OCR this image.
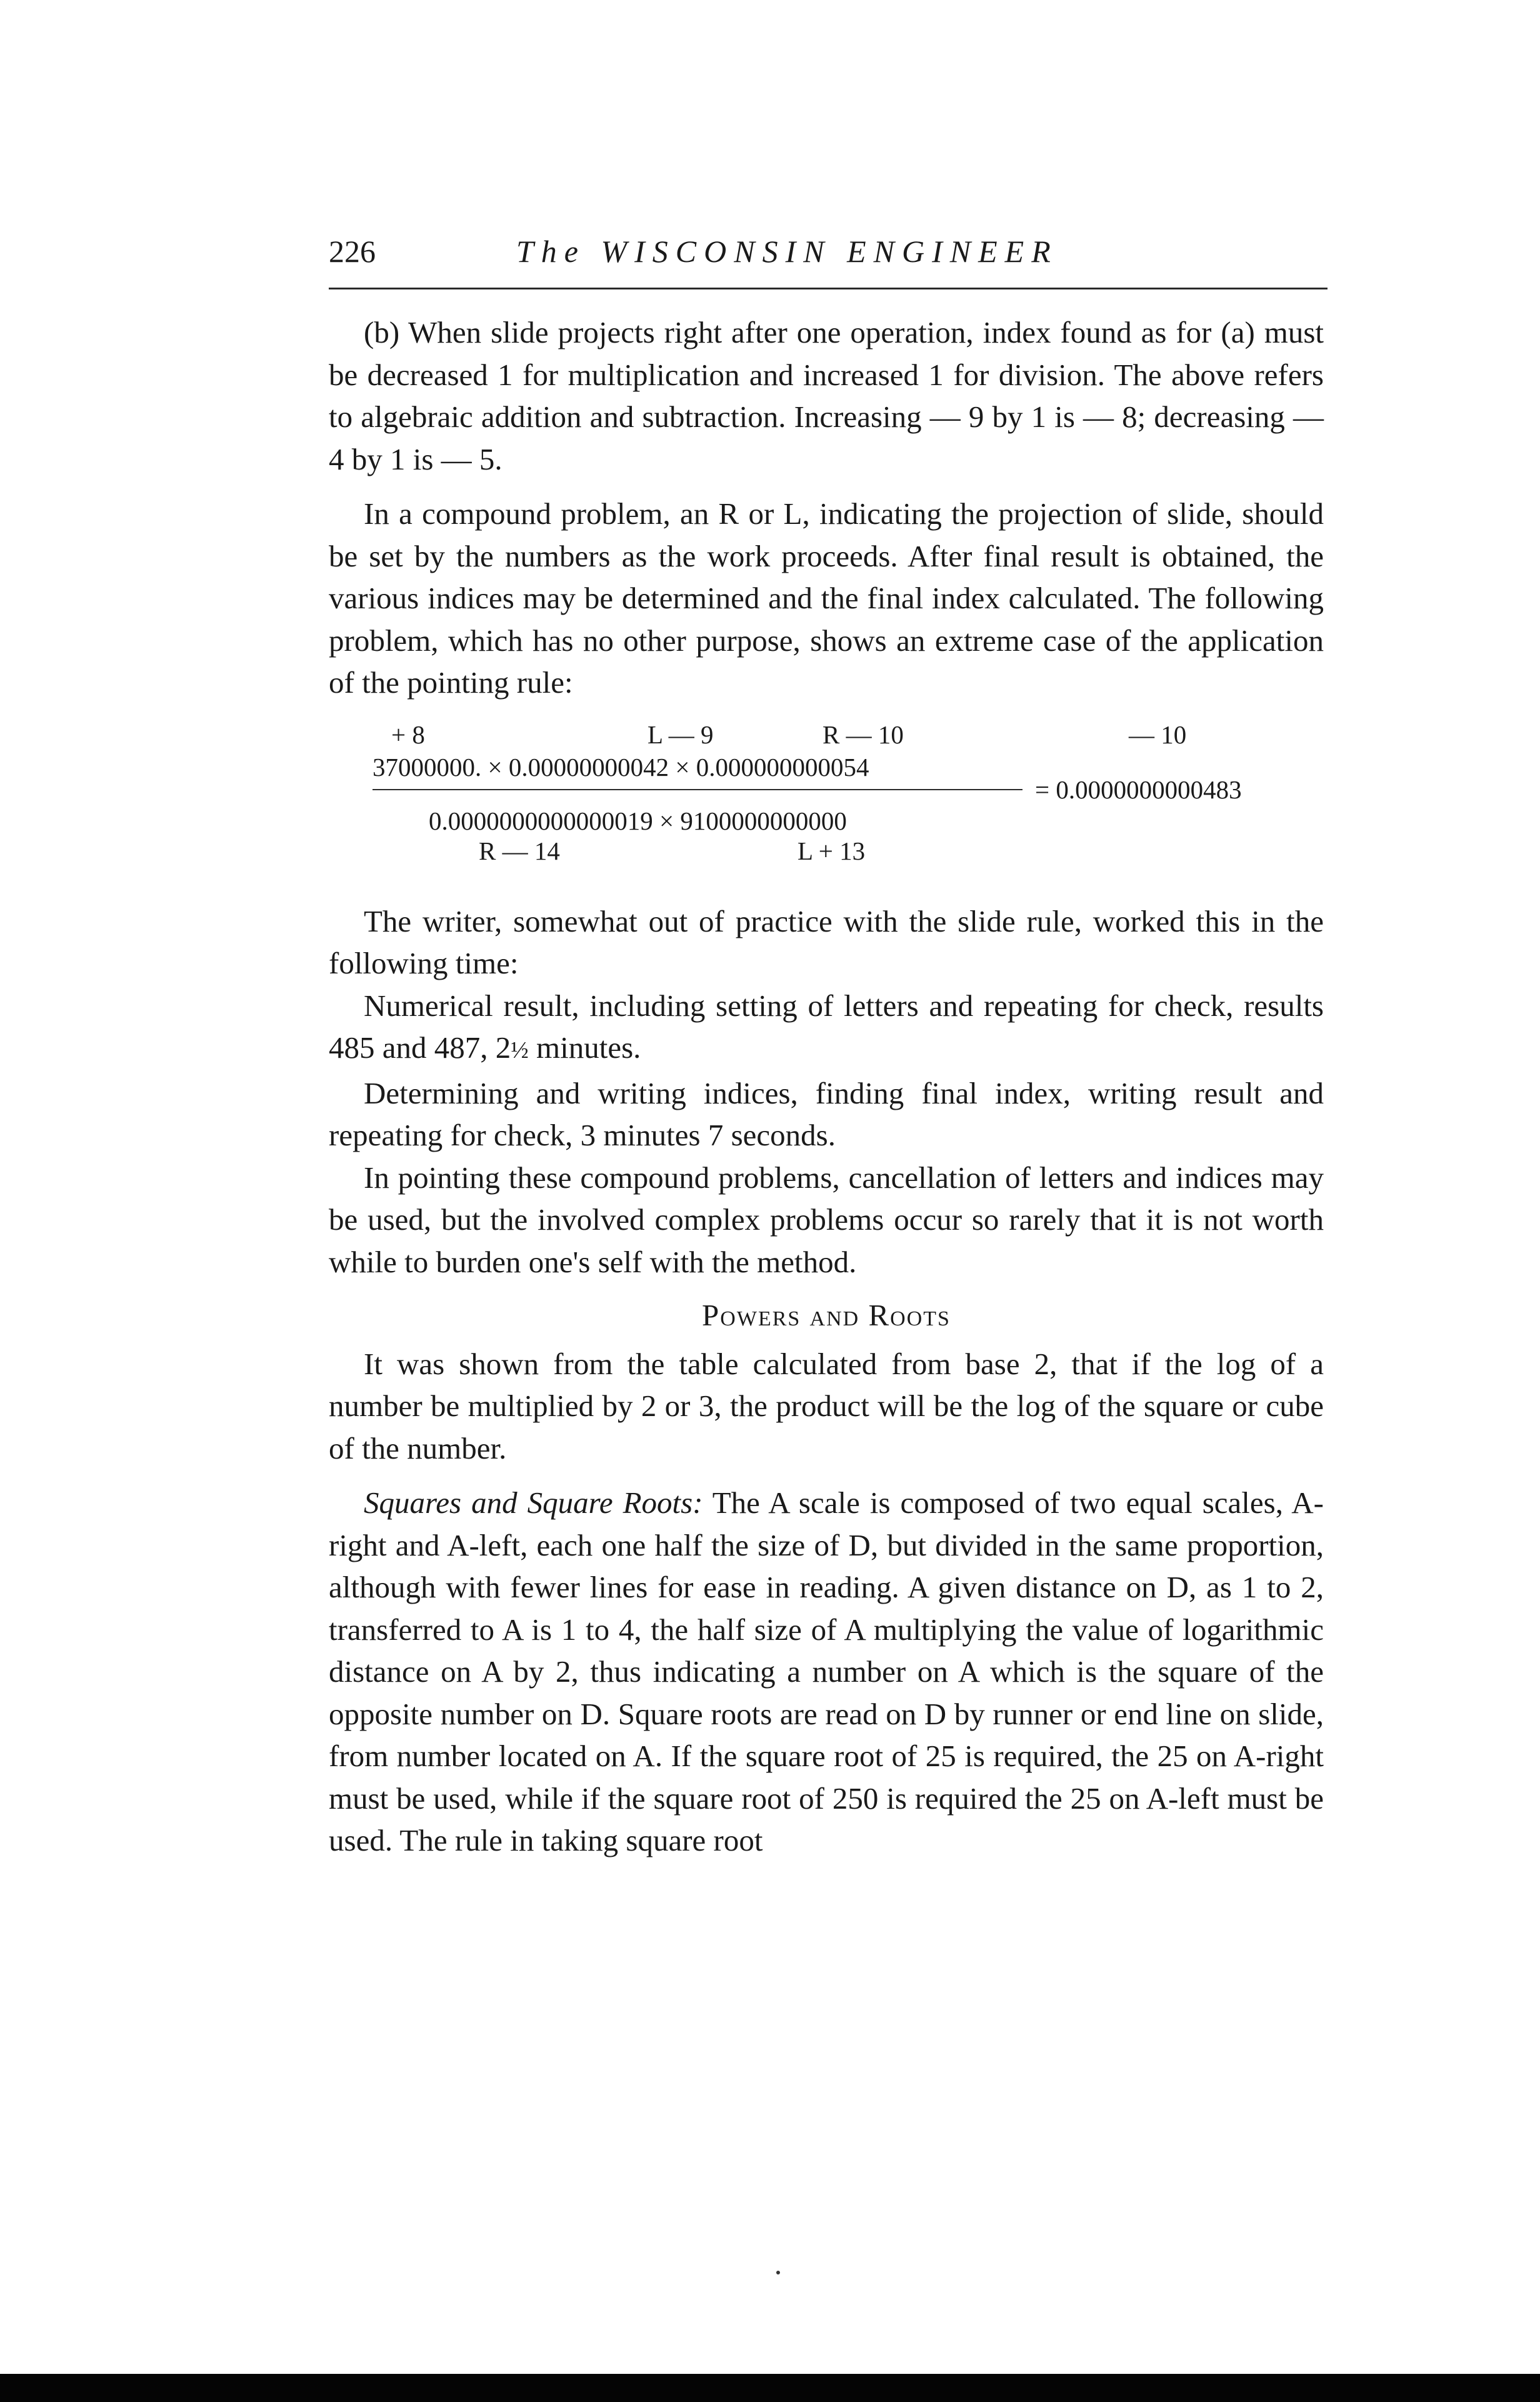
226	The WISCONSIN ENGINEER

(b) When slide projects right after one operation, index found as for (a) must be decreased 1 for multiplication and increased 1 for division. The above refers to algebraic addition and subtraction. Increasing — 9 by 1 is — 8; decreasing — 4 by 1 is — 5.

In a compound problem, an R or L, indicating the projection of slide, should be set by the numbers as the work proceeds. After final result is obtained, the various indices may be determined and the final index calculated. The following problem, which has no other purpose, shows an extreme case of the application of the pointing rule:

+ 8	L — 9	R — 10	— 10
37000000. × 0.00000000042 × 0.000000000054
= 0.0000000000483
0.0000000000000019 × 9100000000000
R — 14	L + 13

The writer, somewhat out of practice with the slide rule, worked this in the following time:

Numerical result, including setting of letters and repeating for check, results 485 and 487, 2½ minutes.

Determining and writing indices, finding final index, writing result and repeating for check, 3 minutes 7 seconds.

In pointing these compound problems, cancellation of letters and indices may be used, but the involved complex problems occur so rarely that it is not worth while to burden one's self with the method.

Powers and Roots

It was shown from the table calculated from base 2, that if the log of a number be multiplied by 2 or 3, the product will be the log of the square or cube of the number.

Squares and Square Roots: The A scale is composed of two equal scales, A-right and A-left, each one half the size of D, but divided in the same proportion, although with fewer lines for ease in reading. A given distance on D, as 1 to 2, transferred to A is 1 to 4, the half size of A multiplying the value of logarithmic distance on A by 2, thus indicating a number on A which is the square of the opposite number on D. Square roots are read on D by runner or end line on slide, from number located on A. If the square root of 25 is required, the 25 on A-right must be used, while if the square root of 250 is required the 25 on A-left must be used. The rule in taking square root
